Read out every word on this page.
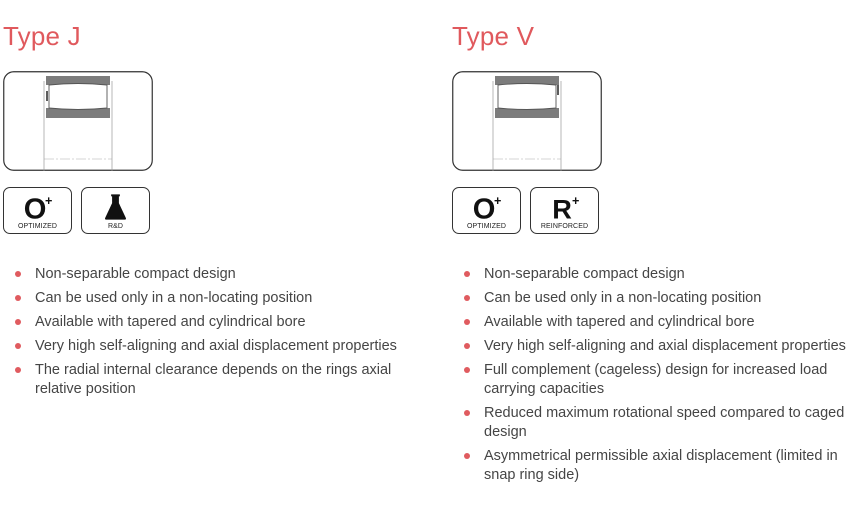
Type J
O
+
OPTIMIZED	R&D
Non-separable compact design
Can be used only in a non-locating position
Available with tapered and cylindrical bore
Very high self-aligning and axial displacement properties
The radial internal clearance depends on the rings axial relative position
Type V
O
+
OPTIMIZED
R +
REINFORCED
Non-separable compact design
Can be used only in a non-locating position
Available with tapered and cylindrical bore
Very high self-aligning and axial displacement properties
Full complement (cageless) design for increased load carrying capacities
Reduced maximum rotational speed compared to caged design
Asymmetrical permissible axial displacement (limited in snap ring side)
